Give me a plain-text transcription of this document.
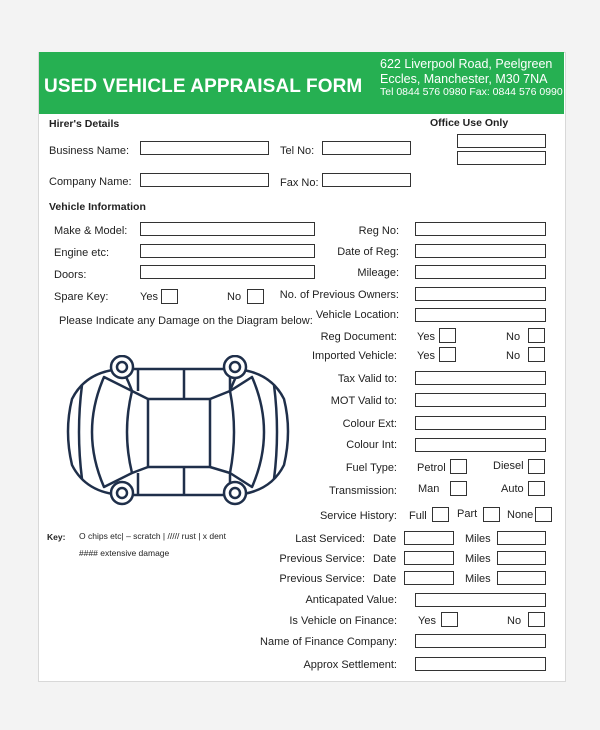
USED VEHICLE APPRAISAL FORM
622 Liverpool Road, Peelgreen
Eccles, Manchester, M30 7NA
Tel 0844 576 0980 Fax: 0844 576 0990
Hirer's Details	Office Use Only
Business Name:	Tel No:
Company Name:	Fax No:
Vehicle Information
Make & Model:
Engine etc:
Doors:
Spare Key:	Yes	No
Please Indicate any Damage on the Diagram below:
Key: O chips etc| – scratch | ///// rust | x dent
#### extensive damage
Reg No:
Date of Reg:
Mileage:
No. of Previous Owners:
Vehicle Location:
Reg Document: Yes	No
Imported Vehicle: Yes	No
Tax Valid to:
MOT Valid to:
Colour Ext:
Colour Int:
Fuel Type: Petrol	Diesel
Transmission: Man	Auto
Service History: Full	Part	None
Last Serviced: Date	Miles
Previous Service: Date	Miles
Previous Service: Date	Miles
Anticapated Value:
Is Vehicle on Finance: Yes	No
Name of Finance Company:
Approx Settlement:
